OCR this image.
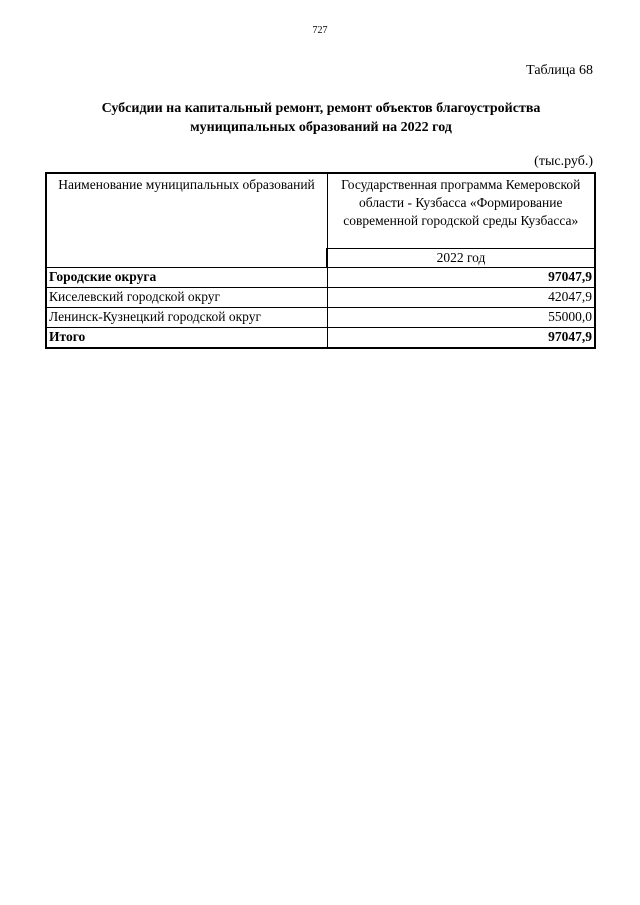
727
Таблица 68
Субсидии на капитальный ремонт, ремонт объектов благоустройства
муниципальных образований на 2022 год
(тыс.руб.)
Наименование муниципальных образований	Государственная программа Кемеровской области - Кузбасса «Формирование современной городской среды Кузбасса»
	2022 год
Городские округа	97047,9
Киселевский городской округ	42047,9
Ленинск-Кузнецкий городской округ	55000,0
Итого	97047,9
